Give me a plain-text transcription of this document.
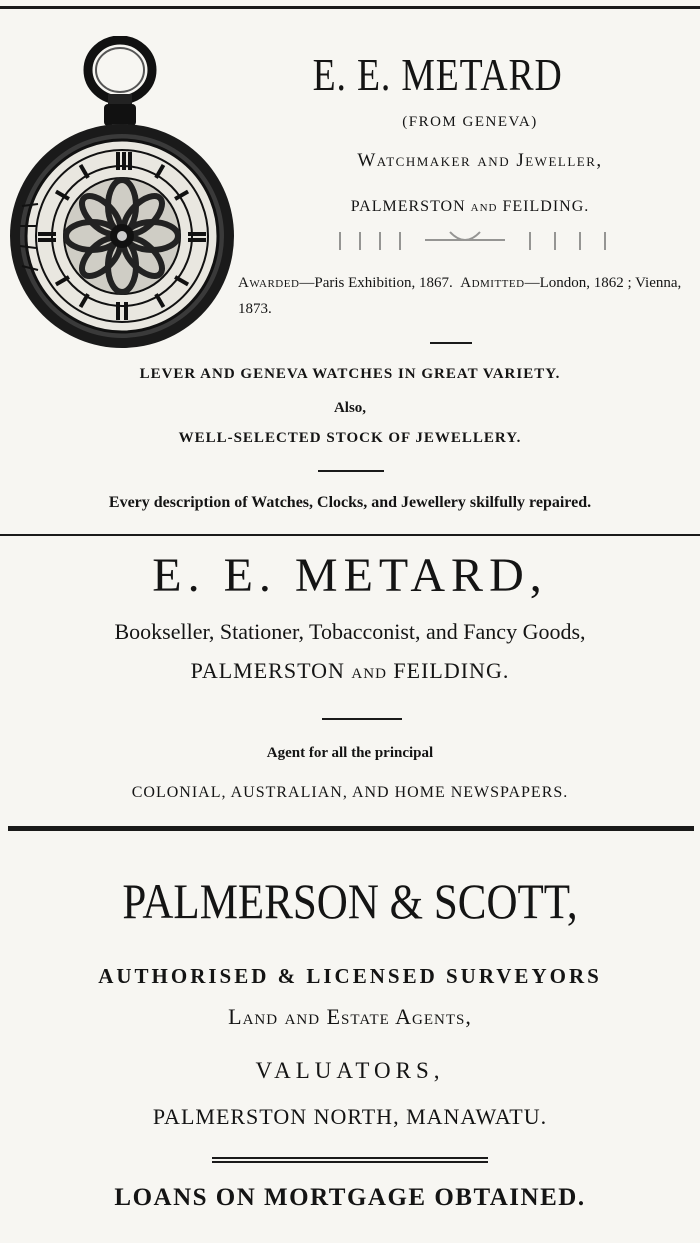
E. E. METARD
(FROM GENEVA)
Watchmaker and Jeweller,
PALMERSTON and FEILDING.
Awarded—Paris Exhibition, 1867. Admitted—London, 1862 ; Vienna, 1873.
LEVER AND GENEVA WATCHES IN GREAT VARIETY.
Also,
WELL-SELECTED STOCK OF JEWELLERY.
Every description of Watches, Clocks, and Jewellery skilfully repaired.
E. E. METARD,
Bookseller, Stationer, Tobacconist, and Fancy Goods,
PALMERSTON and FEILDING.
Agent for all the principal
COLONIAL, AUSTRALIAN, AND HOME NEWSPAPERS.
PALMERSON & SCOTT,
AUTHORISED & LICENSED SURVEYORS
Land and Estate Agents,
VALUATORS,
PALMERSTON NORTH, MANAWATU.
LOANS ON MORTGAGE OBTAINED.
